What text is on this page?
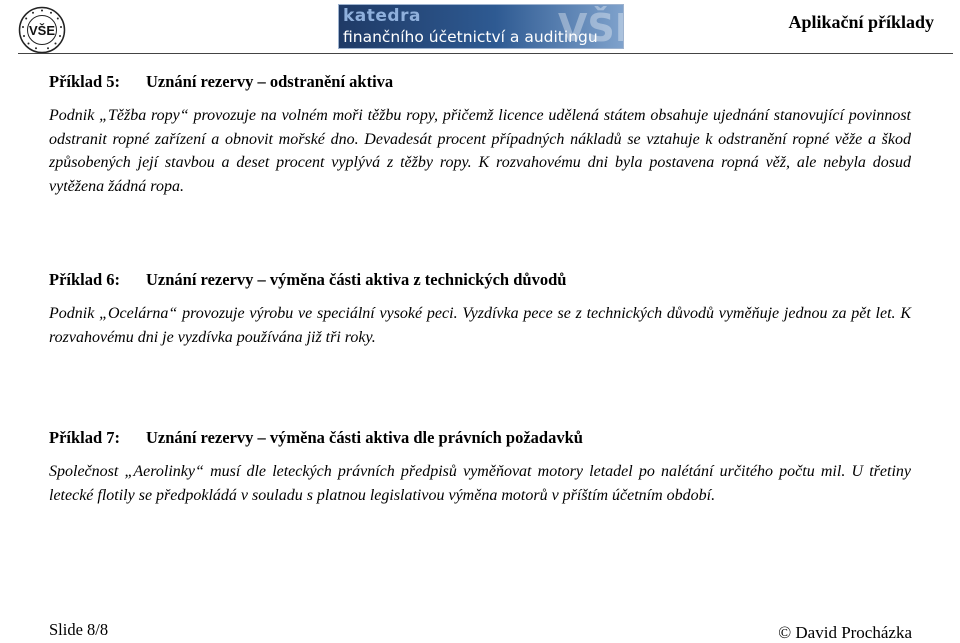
VŠE	VŠE
katedra
finančního účetnictví a auditingu
Aplikační příklady
Příklad 5: Uznání rezervy – odstranění aktiva

Podnik „Těžba ropy“ provozuje na volném moři těžbu ropy, přičemž licence udělená státem obsahuje ujednání stanovující povinnost odstranit ropné zařízení a obnovit mořské dno. Devadesát procent případných nákladů se vztahuje k odstranění ropné věže a škod způsobených její stavbou a deset procent vyplývá z těžby ropy. K rozvahovému dni byla postavena ropná věž, ale nebyla dosud vytěžena žádná ropa.

Příklad 6: Uznání rezervy – výměna části aktiva z technických důvodů

Podnik „Ocelárna“ provozuje výrobu ve speciální vysoké peci. Vyzdívka pece se z technických důvodů vyměňuje jednou za pět let. K rozvahovému dni je vyzdívka používána již tři roky.

Příklad 7: Uznání rezervy – výměna části aktiva dle právních požadavků

Společnost „Aerolinky“ musí dle leteckých právních předpisů vyměňovat motory letadel po nalétání určitého počtu mil. U třetiny letecké flotily se předpokládá v souladu s platnou legislativou výměna motorů v příštím účetním období.

Slide 8/8	© David Procházka
